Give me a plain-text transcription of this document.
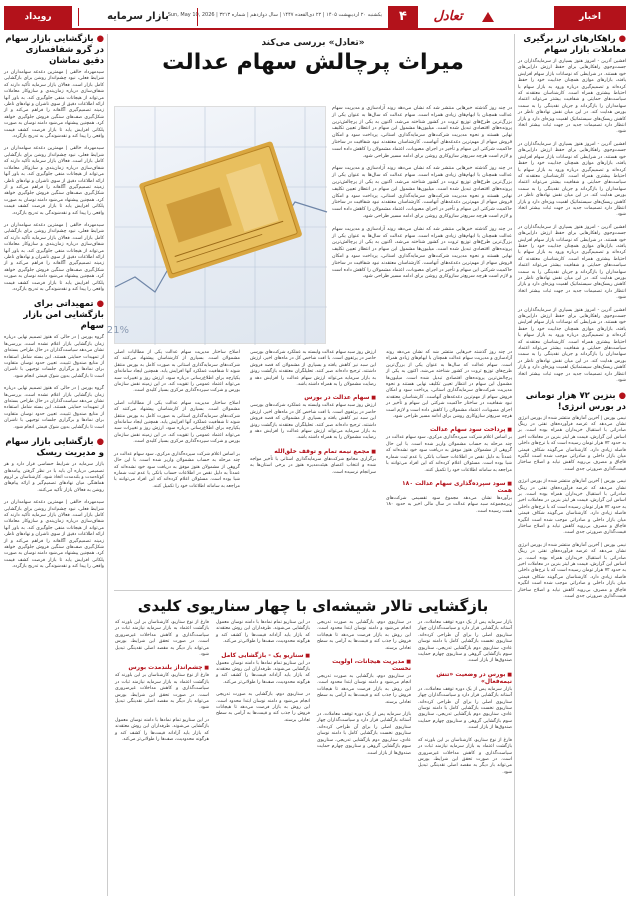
اخبار
۴	تعادل
یکشنبه ۲۰ اردیبهشت ۱۴۰۵ | ۲۲ ذی‌القعده ۱۴۴۷ | سال دوازدهم | شماره ۳۲۱۳ | Sun, May 10, 2026
بازار سرمایه
رویداد
● راهکارهای ارز برگیری معاملات بازار سهام

افشین آذرین - امروز هنوز بسیاری از سرمایه‌گذاران در جست‌وجوی راهکارهایی برای حفظ ارزش دارایی‌های خود هستند. در شرایطی که نوسانات بازار سهام افزایش یافته، بازارهای موازی همچنان جذابیت خود را حفظ کرده‌اند و تصمیم‌گیری درباره ورود به بازار سهام با احتیاط بیشتری همراه است. کارشناسان معتقدند که سیاست‌های حمایتی و شفافیت بیشتر می‌تواند اعتماد سهامداران را بازگرداند و جریان نقدینگی را به سمت بورس هدایت کند. در این میان نقش نهادهای ناظر در کاهش ریسک‌های سیستماتیک اهمیت ویژه‌ای دارد و بازار انتظار دارد تصمیمات جدید در جهت ثبات بیشتر اتخاذ شود.

افشین آذرین - امروز هنوز بسیاری از سرمایه‌گذاران در جست‌وجوی راهکارهایی برای حفظ ارزش دارایی‌های خود هستند. در شرایطی که نوسانات بازار سهام افزایش یافته، بازارهای موازی همچنان جذابیت خود را حفظ کرده‌اند و تصمیم‌گیری درباره ورود به بازار سهام با احتیاط بیشتری همراه است. کارشناسان معتقدند که سیاست‌های حمایتی و شفافیت بیشتر می‌تواند اعتماد سهامداران را بازگرداند و جریان نقدینگی را به سمت بورس هدایت کند. در این میان نقش نهادهای ناظر در کاهش ریسک‌های سیستماتیک اهمیت ویژه‌ای دارد و بازار انتظار دارد تصمیمات جدید در جهت ثبات بیشتر اتخاذ شود.

افشین آذرین - امروز هنوز بسیاری از سرمایه‌گذاران در جست‌وجوی راهکارهایی برای حفظ ارزش دارایی‌های خود هستند. در شرایطی که نوسانات بازار سهام افزایش یافته، بازارهای موازی همچنان جذابیت خود را حفظ کرده‌اند و تصمیم‌گیری درباره ورود به بازار سهام با احتیاط بیشتری همراه است. کارشناسان معتقدند که سیاست‌های حمایتی و شفافیت بیشتر می‌تواند اعتماد سهامداران را بازگرداند و جریان نقدینگی را به سمت بورس هدایت کند. در این میان نقش نهادهای ناظر در کاهش ریسک‌های سیستماتیک اهمیت ویژه‌ای دارد و بازار انتظار دارد تصمیمات جدید در جهت ثبات بیشتر اتخاذ شود.

افشین آذرین - امروز هنوز بسیاری از سرمایه‌گذاران در جست‌وجوی راهکارهایی برای حفظ ارزش دارایی‌های خود هستند. در شرایطی که نوسانات بازار سهام افزایش یافته، بازارهای موازی همچنان جذابیت خود را حفظ کرده‌اند و تصمیم‌گیری درباره ورود به بازار سهام با احتیاط بیشتری همراه است. کارشناسان معتقدند که سیاست‌های حمایتی و شفافیت بیشتر می‌تواند اعتماد سهامداران را بازگرداند و جریان نقدینگی را به سمت بورس هدایت کند. در این میان نقش نهادهای ناظر در کاهش ریسک‌های سیستماتیک اهمیت ویژه‌ای دارد و بازار انتظار دارد تصمیمات جدید در جهت ثبات بیشتر اتخاذ شود.

● بنزین ۷۲ هزار تومانی در بورس انرژی!

نیمی بورس | آخرین آمارهای منتشر شده از بورس انرژی نشان می‌دهد که عرضه فرآورده‌های نفتی در رینگ صادراتی با استقبال خریداران همراه بوده است. بر اساس این گزارش، قیمت هر لیتر بنزین در معاملات اخیر به حدود ۷۲ هزار تومان رسیده است که با نرخ‌های داخلی فاصله زیادی دارد. کارشناسان می‌گویند شکاف قیمتی میان بازار داخلی و صادراتی موجب شده است انگیزه قاچاق و مصرف بی‌رویه کاهش نیابد و اصلاح ساختار قیمت‌گذاری ضرورتی جدی است.

نیمی بورس | آخرین آمارهای منتشر شده از بورس انرژی نشان می‌دهد که عرضه فرآورده‌های نفتی در رینگ صادراتی با استقبال خریداران همراه بوده است. بر اساس این گزارش، قیمت هر لیتر بنزین در معاملات اخیر به حدود ۷۲ هزار تومان رسیده است که با نرخ‌های داخلی فاصله زیادی دارد. کارشناسان می‌گویند شکاف قیمتی میان بازار داخلی و صادراتی موجب شده است انگیزه قاچاق و مصرف بی‌رویه کاهش نیابد و اصلاح ساختار قیمت‌گذاری ضرورتی جدی است.

نیمی بورس | آخرین آمارهای منتشر شده از بورس انرژی نشان می‌دهد که عرضه فرآورده‌های نفتی در رینگ صادراتی با استقبال خریداران همراه بوده است. بر اساس این گزارش، قیمت هر لیتر بنزین در معاملات اخیر به حدود ۷۲ هزار تومان رسیده است که با نرخ‌های داخلی فاصله زیادی دارد. کارشناسان می‌گویند شکاف قیمتی میان بازار داخلی و صادراتی موجب شده است انگیزه قاچاق و مصرف بی‌رویه کاهش نیابد و اصلاح ساختار قیمت‌گذاری ضرورتی جدی است.

● بازگشایی بازار سهام در گرو شفافسازی دقیق نماشان

سیدمهرداد خالقی | مهمترین دغدغه سهامداران در شرایط فعلی، نبود چشم‌انداز روشن برای بازگشایی کامل بازار است. فعالان بازار سرمایه تأکید دارند که شفاف‌سازی درباره زمان‌بندی و سازوکار معاملات می‌تواند از هیجانات منفی جلوگیری کند. به باور آنها ارائه اطلاعات دقیق از سوی ناشران و نهادهای ناظر، زمینه تصمیم‌گیری آگاهانه را فراهم می‌کند و از شکل‌گیری صف‌های سنگین فروش جلوگیری خواهد کرد. همچنین پیشنهاد می‌شود دامنه نوسان به صورت پلکانی افزایش یابد تا بازار فرصت کشف قیمت واقعی را پیدا کند و نقدشوندگی به تدریج بازگردد.

سیدمهرداد خالقی | مهمترین دغدغه سهامداران در شرایط فعلی، نبود چشم‌انداز روشن برای بازگشایی کامل بازار است. فعالان بازار سرمایه تأکید دارند که شفاف‌سازی درباره زمان‌بندی و سازوکار معاملات می‌تواند از هیجانات منفی جلوگیری کند. به باور آنها ارائه اطلاعات دقیق از سوی ناشران و نهادهای ناظر، زمینه تصمیم‌گیری آگاهانه را فراهم می‌کند و از شکل‌گیری صف‌های سنگین فروش جلوگیری خواهد کرد. همچنین پیشنهاد می‌شود دامنه نوسان به صورت پلکانی افزایش یابد تا بازار فرصت کشف قیمت واقعی را پیدا کند و نقدشوندگی به تدریج بازگردد.

سیدمهرداد خالقی | مهمترین دغدغه سهامداران در شرایط فعلی، نبود چشم‌انداز روشن برای بازگشایی کامل بازار است. فعالان بازار سرمایه تأکید دارند که شفاف‌سازی درباره زمان‌بندی و سازوکار معاملات می‌تواند از هیجانات منفی جلوگیری کند. به باور آنها ارائه اطلاعات دقیق از سوی ناشران و نهادهای ناظر، زمینه تصمیم‌گیری آگاهانه را فراهم می‌کند و از شکل‌گیری صف‌های سنگین فروش جلوگیری خواهد کرد. همچنین پیشنهاد می‌شود دامنه نوسان به صورت پلکانی افزایش یابد تا بازار فرصت کشف قیمت واقعی را پیدا کند و نقدشوندگی به تدریج بازگردد.

● تمهیداتی برای بازگشایی امن بازار سهام

گروه بورس | در حالی که هنوز تصمیم نهایی درباره زمان بازگشایی بازار اعلام نشده است، بررسی‌ها نشان می‌دهد سیاست‌گذاران در حال طراحی بسته‌ای از تمهیدات حمایتی هستند. این بسته شامل استفاده از منابع صندوق تثبیت، تعیین حدود نوسان متفاوت برای نمادها و برگزاری جلسات توجیهی با ناشران است تا بازگشایی بدون شوک قیمتی انجام شود.

گروه بورس | در حالی که هنوز تصمیم نهایی درباره زمان بازگشایی بازار اعلام نشده است، بررسی‌ها نشان می‌دهد سیاست‌گذاران در حال طراحی بسته‌ای از تمهیدات حمایتی هستند. این بسته شامل استفاده از منابع صندوق تثبیت، تعیین حدود نوسان متفاوت برای نمادها و برگزاری جلسات توجیهی با ناشران است تا بازگشایی بدون شوک قیمتی انجام شود.

● بازگشایی بازار سهام و مدیریت ریسک

بازار سرمایه در شرایط حساسی قرار دارد و هر تصمیمی درباره آن باید با در نظر گرفتن پیامدهای کوتاه‌مدت و بلندمدت اتخاذ شود. کارشناسان بر لزوم هماهنگی میان نهادهای تصمیم‌گیر و ارائه پیام‌های روشن به فعالان بازار تأکید می‌کنند.

سیدمهرداد خالقی | مهمترین دغدغه سهامداران در شرایط فعلی، نبود چشم‌انداز روشن برای بازگشایی کامل بازار است. فعالان بازار سرمایه تأکید دارند که شفاف‌سازی درباره زمان‌بندی و سازوکار معاملات می‌تواند از هیجانات منفی جلوگیری کند. به باور آنها ارائه اطلاعات دقیق از سوی ناشران و نهادهای ناظر، زمینه تصمیم‌گیری آگاهانه را فراهم می‌کند و از شکل‌گیری صف‌های سنگین فروش جلوگیری خواهد کرد. همچنین پیشنهاد می‌شود دامنه نوسان به صورت پلکانی افزایش یابد تا بازار فرصت کشف قیمت واقعی را پیدا کند و نقدشوندگی به تدریج بازگردد.

«تعادل» بررسی می‌کند
میراث پرچالش سهام عدالت
21%

در چند روز گذشته خبرهایی منتشر شد که نشان می‌دهد روند آزادسازی و مدیریت سهام عدالت همچنان با ابهام‌های زیادی همراه است. سهام عدالت که سال‌ها به عنوان یکی از بزرگ‌ترین طرح‌های توزیع ثروت در کشور شناخته می‌شد، اکنون به یکی از پرچالش‌ترین پرونده‌های اقتصادی تبدیل شده است. میلیون‌ها مشمول این سهام در انتظار تعیین تکلیف نهایی هستند و نحوه مدیریت شرکت‌های سرمایه‌گذاری استانی، پرداخت سود و امکان فروش سهام از مهم‌ترین دغدغه‌های آنهاست. کارشناسان معتقدند نبود شفافیت در ساختار حاکمیت شرکتی این سهام و تأخیر در اجرای مصوبات، اعتماد مشمولان را کاهش داده است و لازم است هرچه سریع‌تر سازوکاری روشن برای ادامه مسیر طراحی شود.

در چند روز گذشته خبرهایی منتشر شد که نشان می‌دهد روند آزادسازی و مدیریت سهام عدالت همچنان با ابهام‌های زیادی همراه است. سهام عدالت که سال‌ها به عنوان یکی از بزرگ‌ترین طرح‌های توزیع ثروت در کشور شناخته می‌شد، اکنون به یکی از پرچالش‌ترین پرونده‌های اقتصادی تبدیل شده است. میلیون‌ها مشمول این سهام در انتظار تعیین تکلیف نهایی هستند و نحوه مدیریت شرکت‌های سرمایه‌گذاری استانی، پرداخت سود و امکان فروش سهام از مهم‌ترین دغدغه‌های آنهاست. کارشناسان معتقدند نبود شفافیت در ساختار حاکمیت شرکتی این سهام و تأخیر در اجرای مصوبات، اعتماد مشمولان را کاهش داده است و لازم است هرچه سریع‌تر سازوکاری روشن برای ادامه مسیر طراحی شود.

در چند روز گذشته خبرهایی منتشر شد که نشان می‌دهد روند آزادسازی و مدیریت سهام عدالت همچنان با ابهام‌های زیادی همراه است. سهام عدالت که سال‌ها به عنوان یکی از بزرگ‌ترین طرح‌های توزیع ثروت در کشور شناخته می‌شد، اکنون به یکی از پرچالش‌ترین پرونده‌های اقتصادی تبدیل شده است. میلیون‌ها مشمول این سهام در انتظار تعیین تکلیف نهایی هستند و نحوه مدیریت شرکت‌های سرمایه‌گذاری استانی، پرداخت سود و امکان فروش سهام از مهم‌ترین دغدغه‌های آنهاست. کارشناسان معتقدند نبود شفافیت در ساختار حاکمیت شرکتی این سهام و تأخیر در اجرای مصوبات، اعتماد مشمولان را کاهش داده است و لازم است هرچه سریع‌تر سازوکاری روشن برای ادامه مسیر طراحی شود.

در چند روز گذشته خبرهایی منتشر شد که نشان می‌دهد روند آزادسازی و مدیریت سهام عدالت همچنان با ابهام‌های زیادی همراه است. سهام عدالت که سال‌ها به عنوان یکی از بزرگ‌ترین طرح‌های توزیع ثروت در کشور شناخته می‌شد، اکنون به یکی از پرچالش‌ترین پرونده‌های اقتصادی تبدیل شده است. میلیون‌ها مشمول این سهام در انتظار تعیین تکلیف نهایی هستند و نحوه مدیریت شرکت‌های سرمایه‌گذاری استانی، پرداخت سود و امکان فروش سهام از مهم‌ترین دغدغه‌های آنهاست. کارشناسان معتقدند نبود شفافیت در ساختار حاکمیت شرکتی این سهام و تأخیر در اجرای مصوبات، اعتماد مشمولان را کاهش داده است و لازم است هرچه سریع‌تر سازوکاری روشن برای ادامه مسیر طراحی شود.

■ پرداخت سود سهام عدالت

بر اساس اعلام شرکت سپرده‌گذاری مرکزی، سود سهام عدالت در چند مرحله به حساب مشمولان واریز شده است. با این حال گروهی از مشمولان هنوز موفق به دریافت سود خود نشده‌اند که عمدتاً به دلیل نقص در اطلاعات حساب بانکی یا عدم ثبت شماره شبا بوده است. مسئولان اعلام کرده‌اند که این افراد می‌توانند با مراجعه به سامانه اطلاعات خود را تکمیل کنند.

■ سود سپرده‌گذاری سهام عدالت ۱۸۰ همت

برآوردها نشان می‌دهد مجموع سود تقسیمی شرکت‌های زیرمجموعه سبد سهام عدالت در سال مالی اخیر به حدود ۱۸۰ همت رسیده است.

ارزش روز سبد سهام عدالت وابسته به عملکرد شرکت‌های بورسی حاضر در پرتفوی است. با افت شاخص کل در ماه‌های اخیر، ارزش این سبد نیز کاهش یافته و بسیاری از مشمولان که قصد فروش داشتند، ترجیح داده‌اند صبر کنند. تحلیلگران معتقدند بازگشت رونق به بازار سرمایه می‌تواند ارزش سهام عدالت را افزایش دهد و رضایت مشمولان را به همراه داشته باشد.

■ سهام عدالت در بورس

ارزش روز سبد سهام عدالت وابسته به عملکرد شرکت‌های بورسی حاضر در پرتفوی است. با افت شاخص کل در ماه‌های اخیر، ارزش این سبد نیز کاهش یافته و بسیاری از مشمولان که قصد فروش داشتند، ترجیح داده‌اند صبر کنند. تحلیلگران معتقدند بازگشت رونق به بازار سرمایه می‌تواند ارزش سهام عدالت را افزایش دهد و رضایت مشمولان را به همراه داشته باشد.

■ مجمع نیمه تمام و توقف خلق‌الله

برگزاری مجامع شرکت‌های سرمایه‌گذاری استانی با تأخیر مواجه شده و انتخاب اعضای هیئت‌مدیره هنوز در برخی استان‌ها به سرانجام نرسیده است.

اصلاح ساختار مدیریت سهام عدالت یکی از مطالبات اصلی مشمولان است. بسیاری از کارشناسان پیشنهاد می‌کنند که شرکت‌های سرمایه‌گذاری استانی به صورت کامل به بورس منتقل شوند تا شفافیت عملکرد آنها افزایش یابد. همچنین ایجاد سامانه‌ای یکپارچه برای اطلاع‌رسانی درباره سود، ارزش روز و تغییرات سبد می‌تواند اعتماد عمومی را تقویت کند. در این زمینه نقش سازمان بورس و شرکت سپرده‌گذاری مرکزی بسیار کلیدی است.

اصلاح ساختار مدیریت سهام عدالت یکی از مطالبات اصلی مشمولان است. بسیاری از کارشناسان پیشنهاد می‌کنند که شرکت‌های سرمایه‌گذاری استانی به صورت کامل به بورس منتقل شوند تا شفافیت عملکرد آنها افزایش یابد. همچنین ایجاد سامانه‌ای یکپارچه برای اطلاع‌رسانی درباره سود، ارزش روز و تغییرات سبد می‌تواند اعتماد عمومی را تقویت کند. در این زمینه نقش سازمان بورس و شرکت سپرده‌گذاری مرکزی بسیار کلیدی است.

بر اساس اعلام شرکت سپرده‌گذاری مرکزی، سود سهام عدالت در چند مرحله به حساب مشمولان واریز شده است. با این حال گروهی از مشمولان هنوز موفق به دریافت سود خود نشده‌اند که عمدتاً به دلیل نقص در اطلاعات حساب بانکی یا عدم ثبت شماره شبا بوده است. مسئولان اعلام کرده‌اند که این افراد می‌توانند با مراجعه به سامانه اطلاعات خود را تکمیل کنند.

بازگشایی تالار شیشه‌ای با چهار سناریوی کلیدی

بازار سرمایه پس از یک دوره توقف معاملات، در آستانه بازگشایی قرار دارد و سیاست‌گذاران چهار سناریوی اصلی را برای آن طراحی کرده‌اند. سناریوی نخست بازگشایی کامل با دامنه نوسان عادی، سناریوی دوم بازگشایی تدریجی، سناریوی سوم بازگشایی گروهی و سناریوی چهارم حمایت صندوق‌ها از بازار است.

■ بورس در وضعیت «تنش نیمه‌فعال»

بازار سرمایه پس از یک دوره توقف معاملات، در آستانه بازگشایی قرار دارد و سیاست‌گذاران چهار سناریوی اصلی را برای آن طراحی کرده‌اند. سناریوی نخست بازگشایی کامل با دامنه نوسان عادی، سناریوی دوم بازگشایی تدریجی، سناریوی سوم بازگشایی گروهی و سناریوی چهارم حمایت صندوق‌ها از بازار است.

فارغ از نوع سناریو، کارشناسان بر این باورند که بازگشت اعتماد به بازار سرمایه نیازمند ثبات در سیاست‌گذاری و کاهش مداخلات غیرضروری است. در صورت تحقق این شرایط، بورس می‌تواند بار دیگر به مقصد اصلی نقدینگی تبدیل شود.

در سناریوی دوم، بازگشایی به صورت تدریجی انجام می‌شود و دامنه نوسان ابتدا محدود است. این روش به بازار فرصت می‌دهد تا هیجانات فروش را جذب کند و قیمت‌ها به آرامی به سطح تعادلی برسند.

■ مدیریت هیجانات، اولویت نخست

در سناریوی دوم، بازگشایی به صورت تدریجی انجام می‌شود و دامنه نوسان ابتدا محدود است. این روش به بازار فرصت می‌دهد تا هیجانات فروش را جذب کند و قیمت‌ها به آرامی به سطح تعادلی برسند.

بازار سرمایه پس از یک دوره توقف معاملات، در آستانه بازگشایی قرار دارد و سیاست‌گذاران چهار سناریوی اصلی را برای آن طراحی کرده‌اند. سناریوی نخست بازگشایی کامل با دامنه نوسان عادی، سناریوی دوم بازگشایی تدریجی، سناریوی سوم بازگشایی گروهی و سناریوی چهارم حمایت صندوق‌ها از بازار است.

در این سناریو تمام نمادها با دامنه نوسان معمول بازگشایی می‌شوند. طرفداران این روش معتقدند که بازار باید آزادانه قیمت‌ها را کشف کند و هرگونه محدودیت، صف‌ها را طولانی‌تر می‌کند.

■ سناریو یک - بازگشایی کامل

در این سناریو تمام نمادها با دامنه نوسان معمول بازگشایی می‌شوند. طرفداران این روش معتقدند که بازار باید آزادانه قیمت‌ها را کشف کند و هرگونه محدودیت، صف‌ها را طولانی‌تر می‌کند.

در سناریوی دوم، بازگشایی به صورت تدریجی انجام می‌شود و دامنه نوسان ابتدا محدود است. این روش به بازار فرصت می‌دهد تا هیجانات فروش را جذب کند و قیمت‌ها به آرامی به سطح تعادلی برسند.

فارغ از نوع سناریو، کارشناسان بر این باورند که بازگشت اعتماد به بازار سرمایه نیازمند ثبات در سیاست‌گذاری و کاهش مداخلات غیرضروری است. در صورت تحقق این شرایط، بورس می‌تواند بار دیگر به مقصد اصلی نقدینگی تبدیل شود.

■ چشم‌انداز بلندمدت بورس

فارغ از نوع سناریو، کارشناسان بر این باورند که بازگشت اعتماد به بازار سرمایه نیازمند ثبات در سیاست‌گذاری و کاهش مداخلات غیرضروری است. در صورت تحقق این شرایط، بورس می‌تواند بار دیگر به مقصد اصلی نقدینگی تبدیل شود.

در این سناریو تمام نمادها با دامنه نوسان معمول بازگشایی می‌شوند. طرفداران این روش معتقدند که بازار باید آزادانه قیمت‌ها را کشف کند و هرگونه محدودیت، صف‌ها را طولانی‌تر می‌کند.
